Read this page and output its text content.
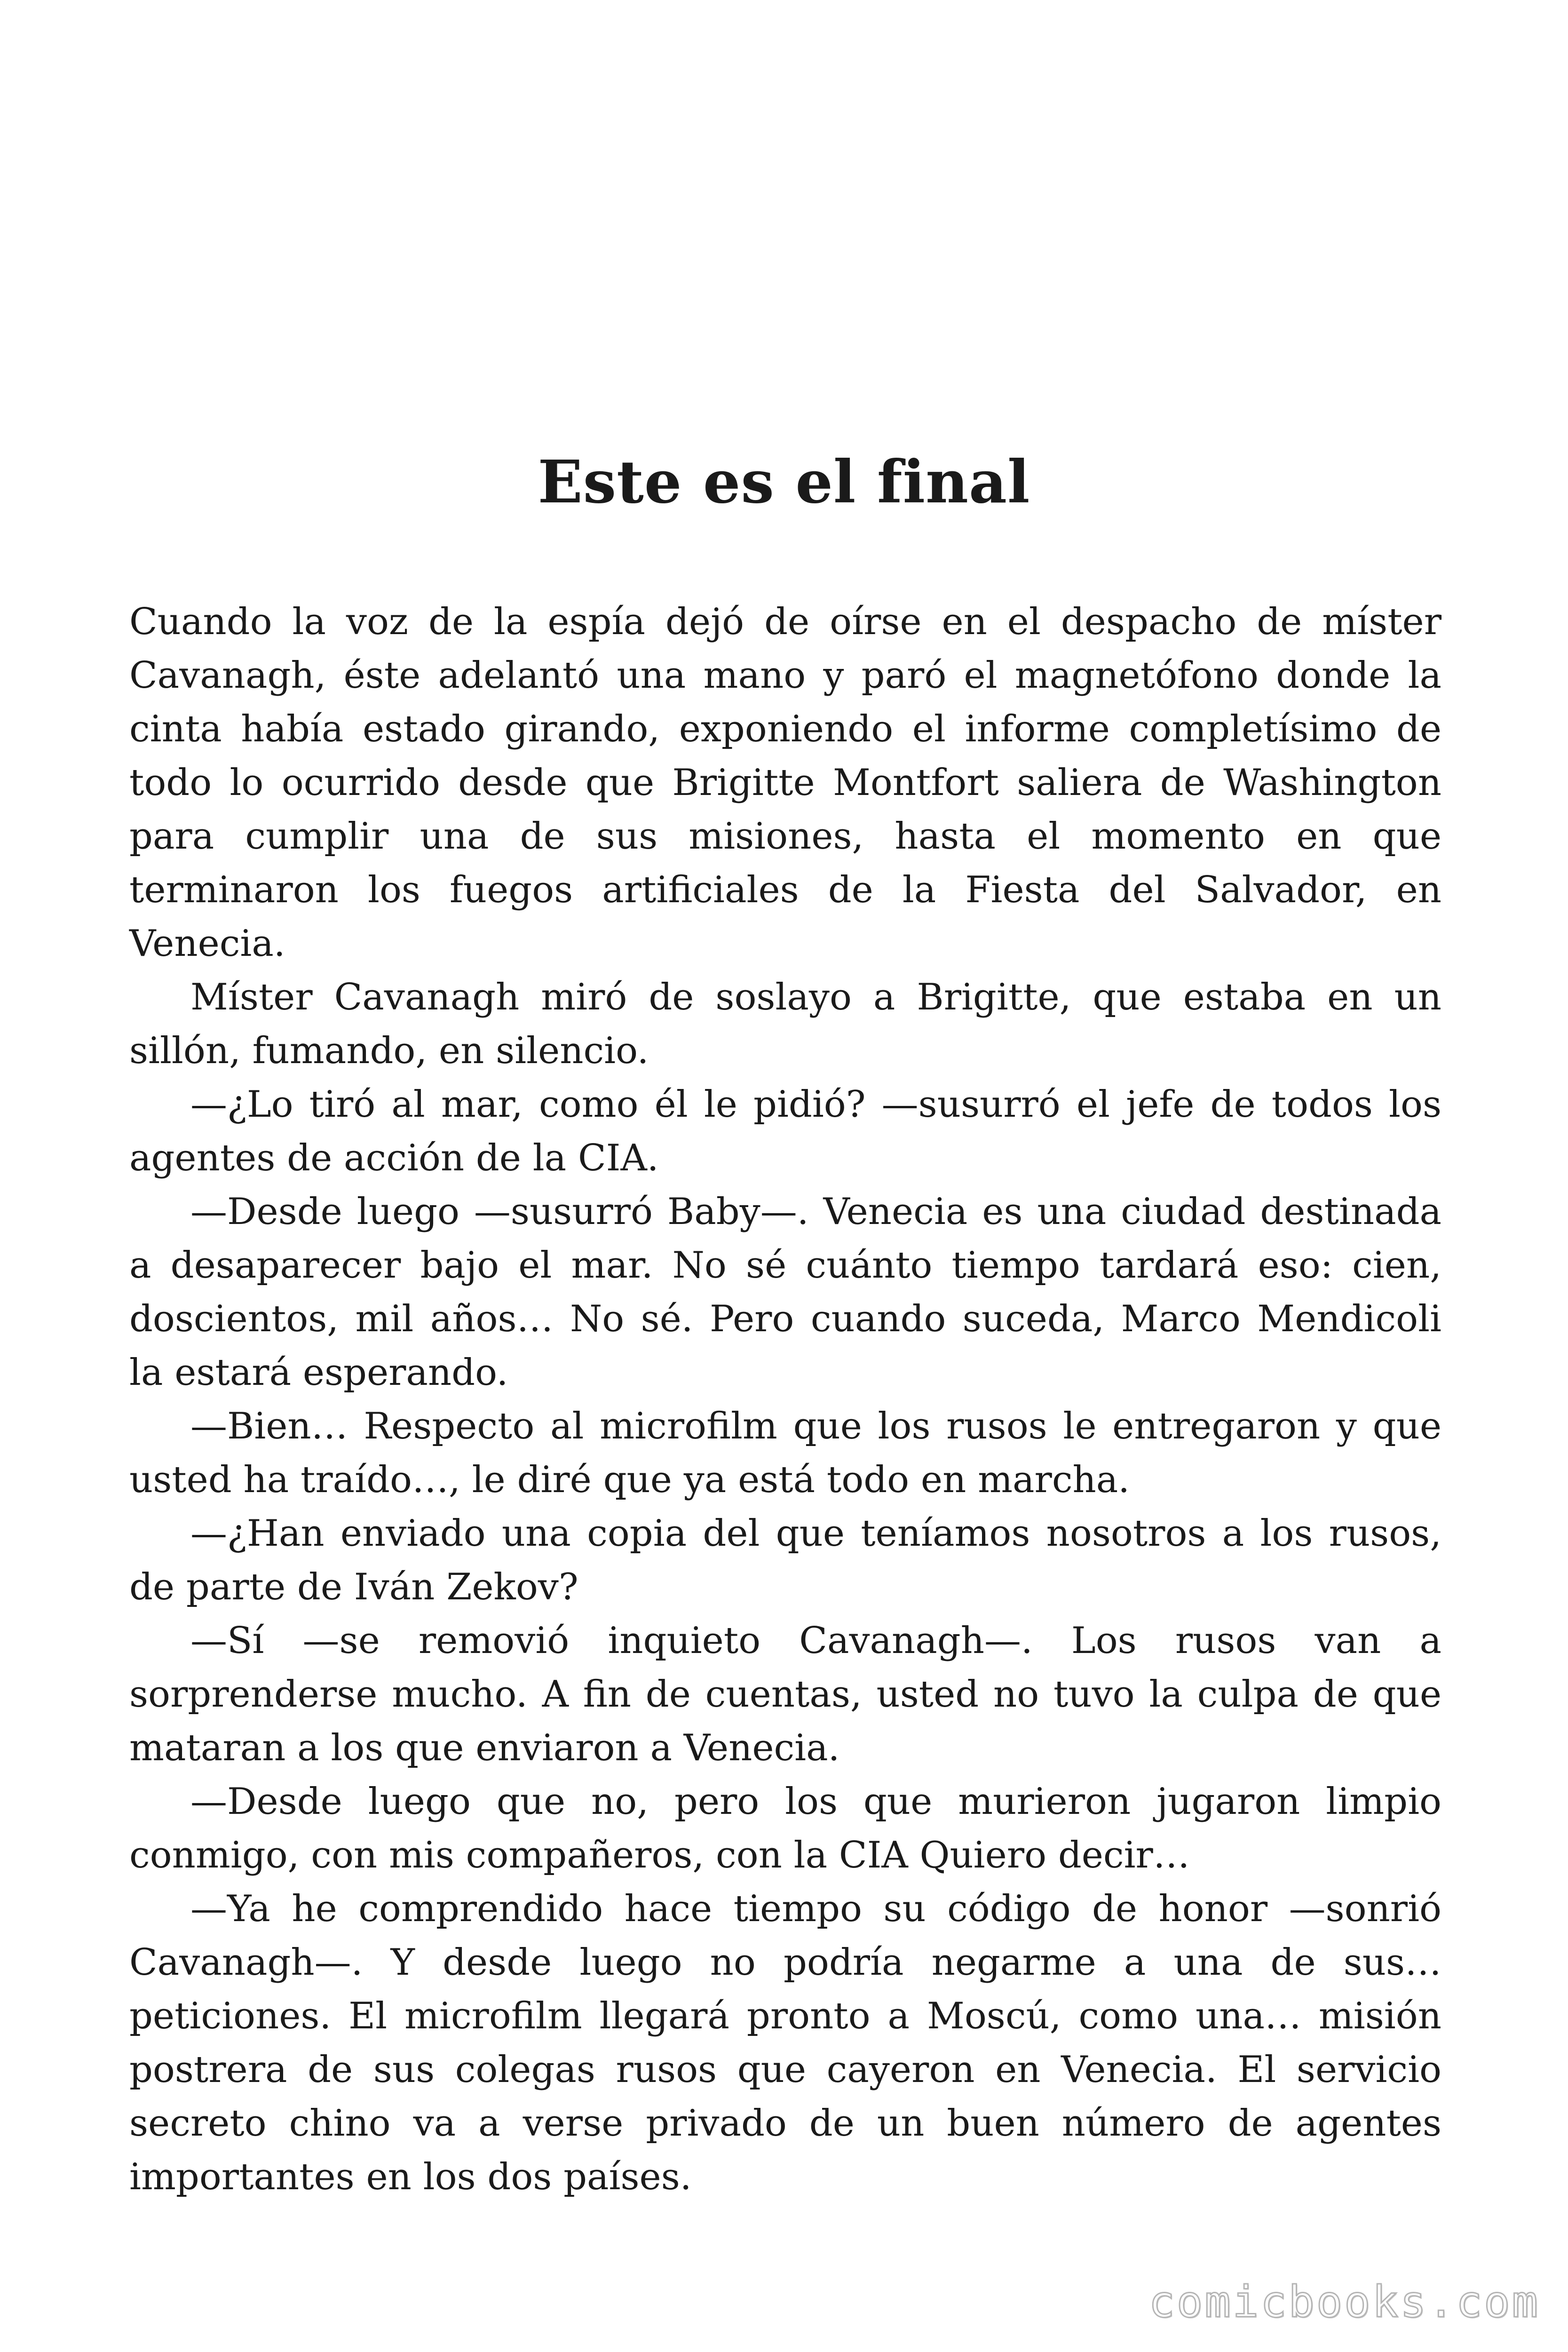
Este es el final

Cuando la voz de la espía dejó de oírse en el despacho de míster Cavanagh, éste adelantó una mano y paró el magnetófono donde la cinta había estado girando, exponiendo el informe completísimo de todo lo ocurrido desde que Brigitte Montfort saliera de Washington para cumplir una de sus misiones, hasta el momento en que terminaron los fuegos artificiales de la Fiesta del Salvador, en Venecia.

Míster Cavanagh miró de soslayo a Brigitte, que estaba en un sillón, fumando, en silencio.

—¿Lo tiró al mar, como él le pidió? —susurró el jefe de todos los agentes de acción de la CIA.

—Desde luego —susurró Baby—. Venecia es una ciudad destinada a desaparecer bajo el mar. No sé cuánto tiempo tardará eso: cien, doscientos, mil años… No sé. Pero cuando suceda, Marco Mendicoli la estará esperando.

—Bien… Respecto al microfilm que los rusos le entregaron y que usted ha traído…, le diré que ya está todo en marcha.

—¿Han enviado una copia del que teníamos nosotros a los rusos, de parte de Iván Zekov?

—Sí —se removió inquieto Cavanagh—. Los rusos van a sorprenderse mucho. A fin de cuentas, usted no tuvo la culpa de que mataran a los que enviaron a Venecia.

—Desde luego que no, pero los que murieron jugaron limpio conmigo, con mis compañeros, con la CIA Quiero decir…

—Ya he comprendido hace tiempo su código de honor —sonrió Cavanagh—. Y desde luego no podría negarme a una de sus… peticiones. El microfilm llegará pronto a Moscú, como una… misión postrera de sus colegas rusos que cayeron en Venecia. El servicio secreto chino va a verse privado de un buen número de agentes importantes en los dos países.

comicbooks.com
